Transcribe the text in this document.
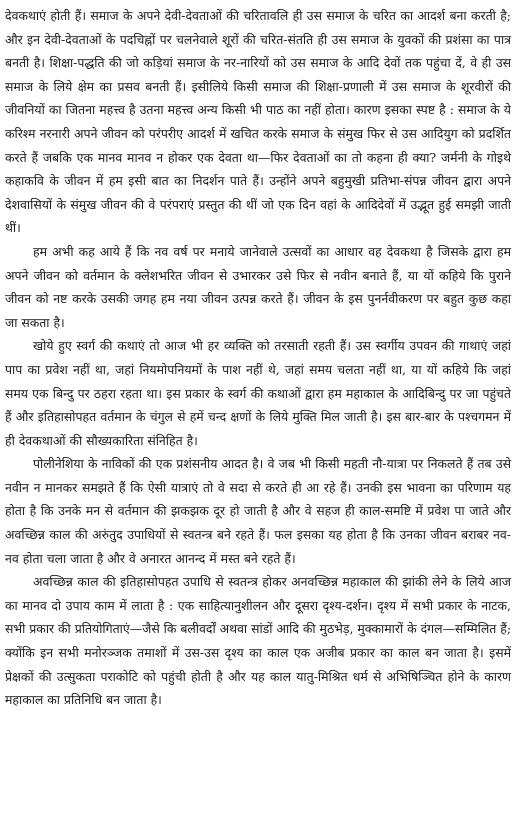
देवकथाएं होती हैं। समाज के अपने देवी-देवताओं की चरितावलि ही उस समाज के चरित का आदर्श बना करती है; और इन देवी-देवताओं के पदचिह्नों पर चलनेवाले शूरों की चरित-संतति ही उस समाज के युवकों की प्रशंसा का पात्र बनती है। शिक्षा-पद्धति की जो कड़ियां समाज के नर-नारियों को उस समाज के आदि देवों तक पहुंचा दें, वे ही उस समाज के लिये क्षेम का प्रसव बनती हैं। इसीलिये किसी समाज की शिक्षा-प्रणाली में उस समाज के शूरवीरों की जीवनियों का जितना महत्त्व है उतना महत्त्व अन्य किसी भी पाठ का नहीं होता। कारण इसका स्पष्ट है : समाज के ये करिश्म नरनारी अपने जीवन को परंपरीए आदर्श में खचित करके समाज के संमुख फिर से उस आदियुग को प्रदर्शित करते हैं जबकि एक मानव मानव न होकर एक देवता था—फिर देवताओं का तो कहना ही क्या? जर्मनी के गोइथे कहाकवि के जीवन में हम इसी बात का निदर्शन पाते हैं। उन्होंने अपने बहुमुखी प्रतिभा-संपन्न जीवन द्वारा अपने देशवासियों के संमुख जीवन की वे परंपराएं प्रस्तुत की थीं जो एक दिन वहां के आदिदेवों में उद्भूत हुई समझी जाती थीं।

हम अभी कह आये हैं कि नव वर्ष पर मनाये जानेवाले उत्सवों का आधार वह देवकथा है जिसके द्वारा हम अपने जीवन को वर्तमान के क्लेशभरित जीवन से उभारकर उसे फिर से नवीन बनाते हैं, या यों कहिये कि पुराने जीवन को नष्ट करके उसकी जगह हम नया जीवन उत्पन्न करते हैं। जीवन के इस पुनर्नवीकरण पर बहुत कुछ कहा जा सकता है।

खोये हुए स्वर्ग की कथाएं तो आज भी हर व्यक्ति को तरसाती रहती हैं। उस स्वर्गीय उपवन की गाथाएं जहां पाप का प्रवेश नहीं था, जहां नियमोपनियमों के पाश नहीं थे, जहां समय चलता नहीं था, या यों कहिये कि जहां समय एक बिन्दु पर ठहरा रहता था। इस प्रकार के स्वर्ग की कथाओं द्वारा हम महाकाल के आदिबिन्दु पर जा पहुंचते हैं और इतिहासोपहत वर्तमान के चंगुल से हमें चन्द क्षणों के लिये मुक्ति मिल जाती है। इस बार-बार के पश्चगमन में ही देवकथाओं की सौख्यकारिता संनिहित है।

पोलीनेशिया के नाविकों की एक प्रशंसनीय आदत है। वे जब भी किसी महती नौ-यात्रा पर निकलते हैं तब उसे नवीन न मानकर समझते हैं कि ऐसी यात्राएं तो वे सदा से करते ही आ रहे हैं। उनकी इस भावना का परिणाम यह होता है कि उनके मन से वर्तमान की झकझक दूर हो जाती है और वे सहज ही काल-समष्टि में प्रवेश पा जाते और अवच्छिन्न काल की अरुंतुद उपाधियों से स्वतन्त्र बने रहते हैं। फल इसका यह होता है कि उनका जीवन बराबर नव-नव होता चला जाता है और वे अनारत आनन्द में मस्त बने रहते हैं।

अवच्छिन्न काल की इतिहासोपहत उपाधि से स्वतन्त्र होकर अनवच्छिन्न महाकाल की झांकी लेने के लिये आज का मानव दो उपाय काम में लाता है : एक साहित्यानुशीलन और दूसरा दृश्य-दर्शन। दृश्य में सभी प्रकार के नाटक, सभी प्रकार की प्रतियोगिताएं—जैसे कि बलीवर्दों अथवा सांडों आदि की मुठभेड़, मुक्कामारों के दंगल—सम्मिलित हैं; क्योंकि इन सभी मनोरञ्जक तमाशों में उस-उस दृश्य का काल एक अजीब प्रकार का काल बन जाता है। इसमें प्रेक्षकों की उत्सुकता पराकोटि को पहुंची होती है और यह काल यातु-मिश्रित धर्म से अभिषिञ्चित होने के कारण महाकाल का प्रतिनिधि बन जाता है।
